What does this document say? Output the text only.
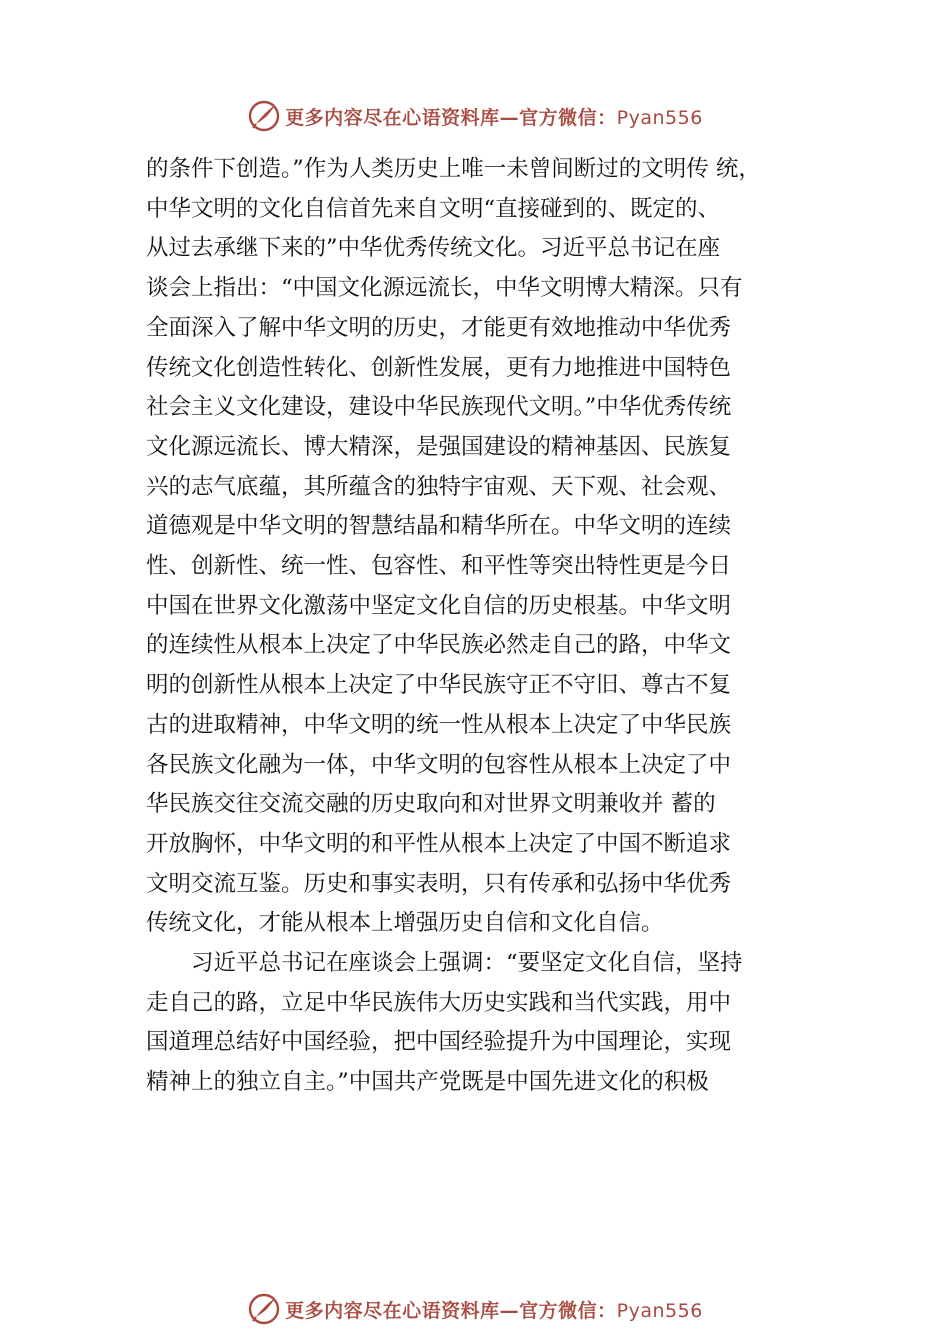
更多内容尽在心语资料库—官方微信：Pyan556
的条件下创造。”作为人类历史上唯一未曾间断过的文明传 统，
中华文明的文化自信首先来自文明“直接碰到的、既定的、
从过去承继下来的”中华优秀传统文化。习近平总书记在座
谈会上指出：“中国文化源远流长，中华文明博大精深。只有
全面深入了解中华文明的历史，才能更有效地推动中华优秀
传统文化创造性转化、创新性发展，更有力地推进中国特色
社会主义文化建设，建设中华民族现代文明。”中华优秀传统
文化源远流长、博大精深，是强国建设的精神基因、民族复
兴的志气底蕴，其所蕴含的独特宇宙观、天下观、社会观、
道德观是中华文明的智慧结晶和精华所在。中华文明的连续
性、创新性、统一性、包容性、和平性等突出特性更是今日
中国在世界文化激荡中坚定文化自信的历史根基。中华文明
的连续性从根本上决定了中华民族必然走自己的路，中华文
明的创新性从根本上决定了中华民族守正不守旧、尊古不复
古的进取精神，中华文明的统一性从根本上决定了中华民族
各民族文化融为一体，中华文明的包容性从根本上决定了中
华民族交往交流交融的历史取向和对世界文明兼收并 蓄的
开放胸怀，中华文明的和平性从根本上决定了中国不断追求
文明交流互鉴。历史和事实表明，只有传承和弘扬中华优秀
传统文化，才能从根本上增强历史自信和文化自信。
　　习近平总书记在座谈会上强调：“要坚定文化自信，坚持
走自己的路，立足中华民族伟大历史实践和当代实践，用中
国道理总结好中国经验，把中国经验提升为中国理论，实现
精神上的独立自主。”中国共产党既是中国先进文化的积极
更多内容尽在心语资料库—官方微信：Pyan556
